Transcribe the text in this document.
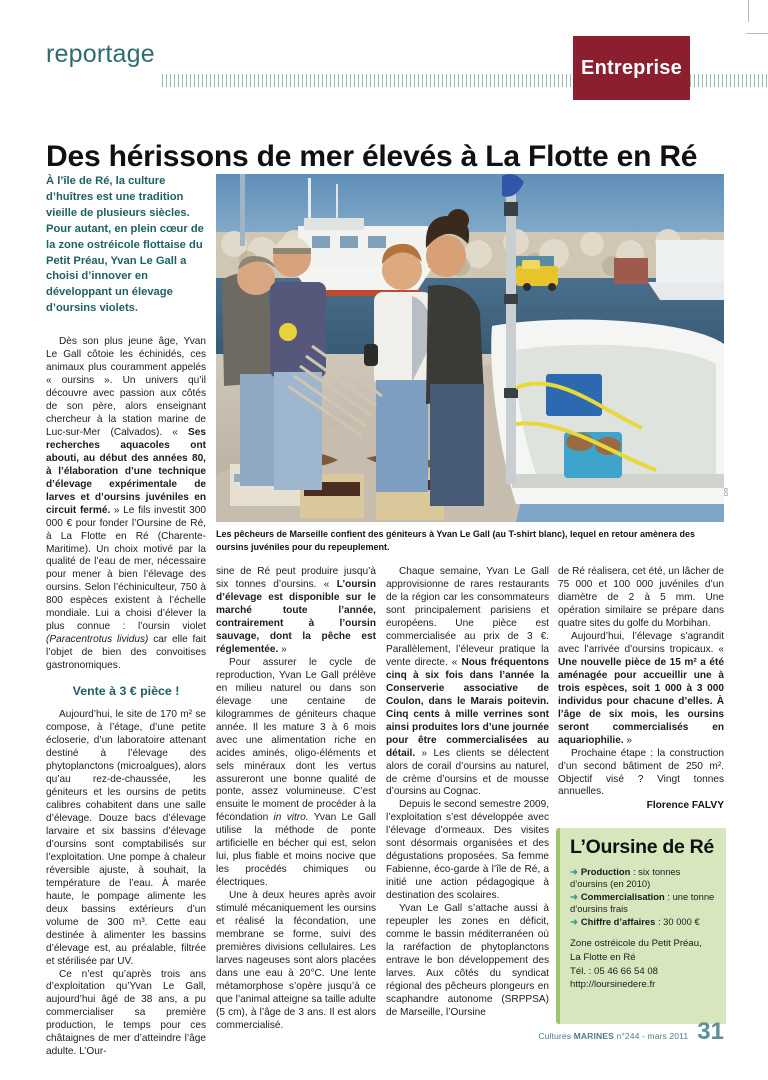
reportage	Entreprise
Des hérissons de mer élevés à La Flotte en Ré
À l’île de Ré, la culture d’huîtres est une tradition vieille de plusieurs siècles. Pour autant, en plein cœur de la zone ostréicole flottaise du Petit Préau, Yvan Le Gall a choisi d’innover en développant un élevage d’oursins violets.
DR
Les pêcheurs de Marseille confient des géniteurs à Yvan Le Gall (au T-shirt blanc), lequel en retour amènera des oursins juvéniles pour du repeuplement.

Dès son plus jeune âge, Yvan Le Gall côtoie les échinidés, ces animaux plus couramment appelés « oursins ». Un univers qu’il découvre avec passion aux côtés de son père, alors enseignant chercheur à la station marine de Luc-sur-Mer (Calvados). « Ses recherches aquacoles ont abouti, au début des années 80, à l’élaboration d’une technique d’élevage expérimentale de larves et d’oursins juvéniles en circuit fermé. » Le fils investit 300 000 € pour fonder l’Oursine de Ré, à La Flotte en Ré (Charente-Maritime). Un choix motivé par la qualité de l’eau de mer, nécessaire pour mener à bien l’élevage des oursins. Selon l’échiniculteur, 750 à 800 espèces existent à l’échelle mondiale. Lui a choisi d’élever la plus connue : l’oursin violet (Paracentrotus lividus) car elle fait l’objet de bien des convoitises gastronomiques.

Vente à 3 € pièce !

Aujourd’hui, le site de 170 m² se compose, à l’étage, d’une petite écloserie, d’un laboratoire attenant destiné à l’élevage des phytoplanctons (microalgues), alors qu’au rez-de-chaussée, les géniteurs et les oursins de petits calibres cohabitent dans une salle d’élevage. Douze bacs d’élevage larvaire et six bassins d’élevage d’oursins sont comptabilisés sur l’exploitation. Une pompe à chaleur réversible ajuste, à souhait, la température de l’eau. À marée haute, le pompage alimente les deux bassins extérieurs d’un volume de 300 m³. Cette eau destinée à alimenter les bassins d’élevage est, au préalable, filtrée et stérilisée par UV.

Ce n’est qu’après trois ans d’exploitation qu’Yvan Le Gall, aujourd’hui âgé de 38 ans, a pu commercialiser sa première production, le temps pour ces châtaignes de mer d’atteindre l’âge adulte. L’Our-

sine de Ré peut produire jusqu’à six tonnes d’oursins. « L’oursin d’élevage est disponible sur le marché toute l’année, contrairement à l’oursin sauvage, dont la pêche est réglementée. »

Pour assurer le cycle de reproduction, Yvan Le Gall prélève en milieu naturel ou dans son élevage une centaine de kilogrammes de géniteurs chaque année. Il les mature 3 à 6 mois avec une alimentation riche en acides aminés, oligo-éléments et sels minéraux dont les vertus assureront une bonne qualité de ponte, assez volumineuse. C’est ensuite le moment de procéder à la fécondation in vitro. Yvan Le Gall utilise la méthode de ponte artificielle en bécher qui est, selon lui, plus fiable et moins nocive que les procédés chimiques ou électriques.

Une à deux heures après avoir stimulé mécaniquement les oursins et réalisé la fécondation, une membrane se forme, suivi des premières divisions cellulaires. Les larves nageuses sont alors placées dans une eau à 20°C. Une lente métamorphose s’opère jusqu’à ce que l’animal atteigne sa taille adulte (5 cm), à l’âge de 3 ans. Il est alors commercialisé.

Chaque semaine, Yvan Le Gall approvisionne de rares restaurants de la région car les consommateurs sont principalement parisiens et européens. Une pièce est commercialisée au prix de 3 €. Parallèlement, l’éleveur pratique la vente directe. « Nous fréquentons cinq à six fois dans l’année la Conserverie associative de Coulon, dans le Marais poitevin. Cinq cents à mille verrines sont ainsi produites lors d’une journée pour être commercialisées au détail. » Les clients se délectent alors de corail d’oursins au naturel, de crème d’oursins et de mousse d’oursins au Cognac.

Depuis le second semestre 2009, l’exploitation s’est développée avec l’élevage d’ormeaux. Des visites sont désormais organisées et des dégustations proposées. Sa femme Fabienne, éco-garde à l’île de Ré, a initié une action pédagogique à destination des scolaires.

Yvan Le Gall s’attache aussi à repeupler les zones en déficit, comme le bassin méditerranéen où la raréfaction de phytoplanctons entrave le bon développement des larves. Aux côtés du syndicat régional des pêcheurs plongeurs en scaphandre autonome (SRPPSA) de Marseille, l’Oursine

de Ré réalisera, cet été, un lâcher de 75 000 et 100 000 juvéniles d’un diamètre de 2 à 5 mm. Une opération similaire se prépare dans quatre sites du golfe du Morbihan.

Aujourd’hui, l’élevage s’agrandit avec l’arrivée d’oursins tropicaux. « Une nouvelle pièce de 15 m² a été aménagée pour accueillir une à trois espèces, soit 1 000 à 3 000 individus pour chacune d’elles. À l’âge de six mois, les oursins seront commercialisés en aquariophilie. »

Prochaine étape : la construction d’un second bâtiment de 250 m². Objectif visé ? Vingt tonnes annuelles.

Florence FALVY

L’Oursine de Ré

➜ Production : six tonnes d’oursins (en 2010)

➜ Commercialisation : une tonne d’oursins frais

➜ Chiffre d’affaires : 30 000 €

Zone ostréicole du Petit Préau,

La Flotte en Ré

Tél. : 05 46 66 54 08

http://loursinedere.fr

Cultures MARINES n°244 - mars 2011 31
